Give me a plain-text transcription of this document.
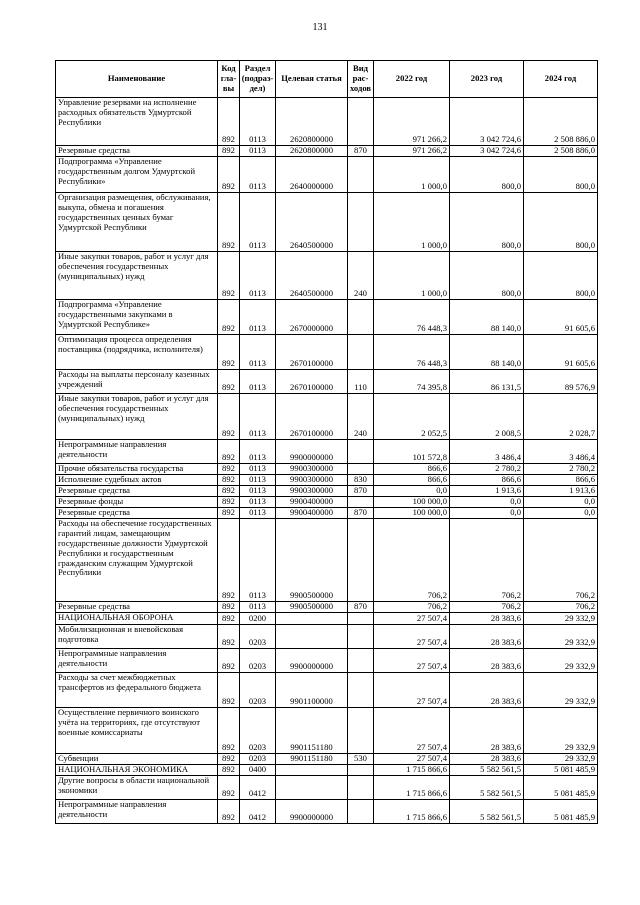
131
Наименование	Код гла- вы	Раздел (подраз- дел)	Целевая статья	Вид рас- ходов	2022 год	2023 год	2024 год
Управление резервами на исполнение расходных обязательств Удмуртской Республики	892	0113	2620800000		971 266,2	3 042 724,6	2 508 886,0
Резервные средства	892	0113	2620800000	870	971 266,2	3 042 724,6	2 508 886,0
Подпрограмма «Управление государственным долгом Удмуртской Республики»	892	0113	2640000000		1 000,0	800,0	800,0
Организация размещения, обслуживания, выкупа, обмена и погашения государственных ценных бумаг Удмуртской Республики	892	0113	2640500000		1 000,0	800,0	800,0
Иные закупки товаров, работ и услуг для обеспечения государственных (муниципальных) нужд	892	0113	2640500000	240	1 000,0	800,0	800,0
Подпрограмма «Управление государственными закупками в Удмуртской Республике»	892	0113	2670000000		76 448,3	88 140,0	91 605,6
Оптимизация процесса определения поставщика (подрядчика, исполнителя)	892	0113	2670100000		76 448,3	88 140,0	91 605,6
Расходы на выплаты персоналу казенных учреждений	892	0113	2670100000	110	74 395,8	86 131,5	89 576,9
Иные закупки товаров, работ и услуг для обеспечения государственных (муниципальных) нужд	892	0113	2670100000	240	2 052,5	2 008,5	2 028,7
Непрограммные направления деятельности	892	0113	9900000000		101 572,8	3 486,4	3 486,4
Прочие обязательства государства	892	0113	9900300000		866,6	2 780,2	2 780,2
Исполнение судебных актов	892	0113	9900300000	830	866,6	866,6	866,6
Резервные средства	892	0113	9900300000	870	0,0	1 913,6	1 913,6
Резервные фонды	892	0113	9900400000		100 000,0	0,0	0,0
Резервные средства	892	0113	9900400000	870	100 000,0	0,0	0,0
Расходы на обеспечение государственных гарантий лицам, замещающим государственные должности Удмуртской Республики и государственным гражданским служащим Удмуртской Республики	892	0113	9900500000		706,2	706,2	706,2
Резервные средства	892	0113	9900500000	870	706,2	706,2	706,2
НАЦИОНАЛЬНАЯ ОБОРОНА	892	0200			27 507,4	28 383,6	29 332,9
Мобилизационная и вневойсковая подготовка	892	0203			27 507,4	28 383,6	29 332,9
Непрограммные направления деятельности	892	0203	9900000000		27 507,4	28 383,6	29 332,9
Расходы за счет межбюджетных трансфертов из федерального бюджета	892	0203	9901100000		27 507,4	28 383,6	29 332,9
Осуществление первичного воинского учёта на территориях, где отсутствуют военные комиссариаты	892	0203	9901151180		27 507,4	28 383,6	29 332,9
Субвенции	892	0203	9901151180	530	27 507,4	28 383,6	29 332,9
НАЦИОНАЛЬНАЯ ЭКОНОМИКА	892	0400			1 715 866,6	5 582 561,5	5 081 485,9
Другие вопросы в области национальной экономики	892	0412			1 715 866,6	5 582 561,5	5 081 485,9
Непрограммные направления деятельности	892	0412	9900000000		1 715 866,6	5 582 561,5	5 081 485,9
